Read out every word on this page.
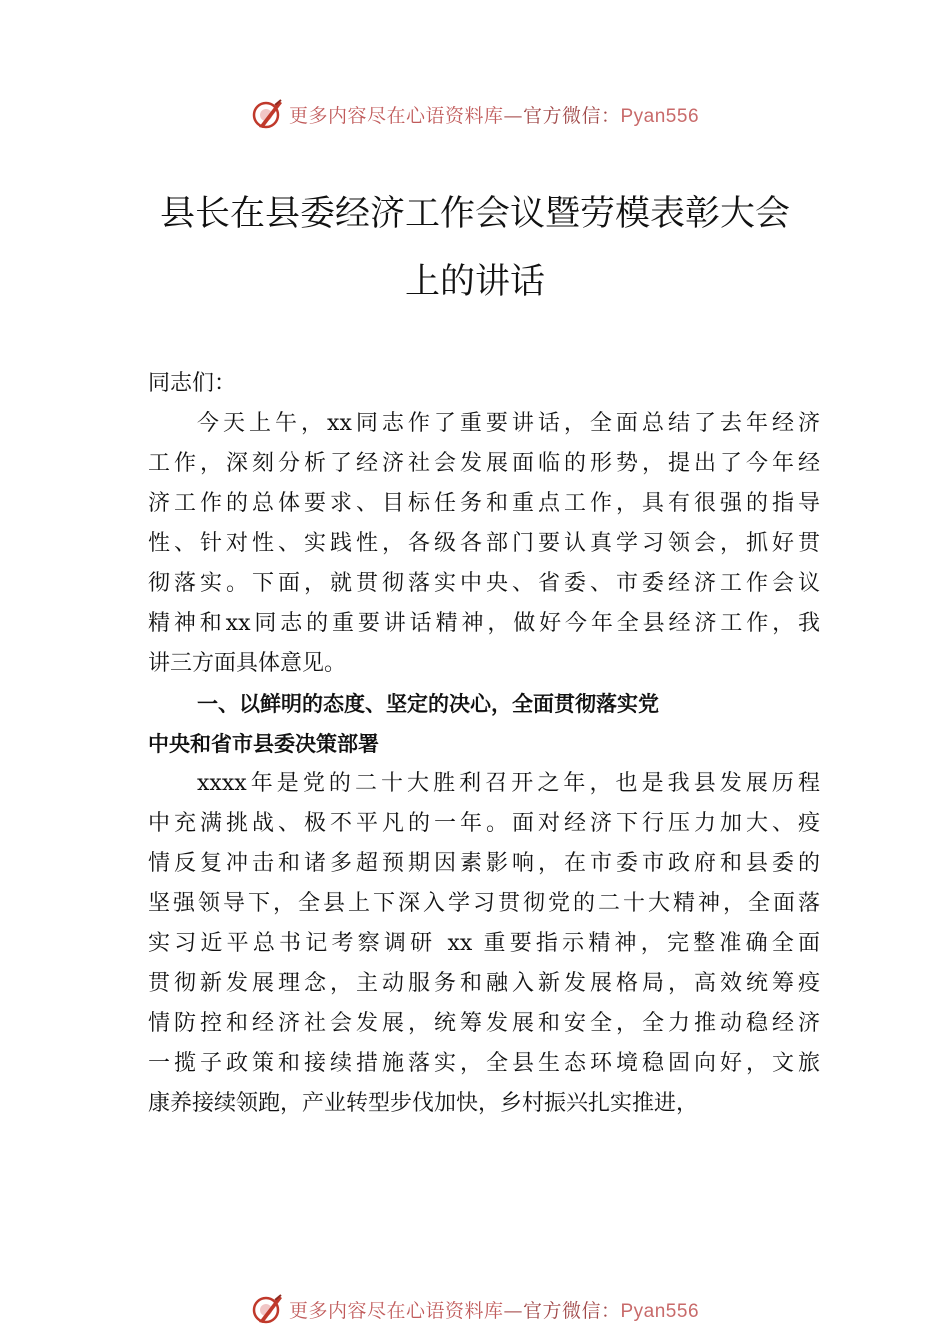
更多内容尽在心语资料库—官方微信：Pyan556
县长在县委经济工作会议暨劳模表彰大会
上的讲话
同志们：
今天上午，xx同志作了重要讲话，全面总结了去年经济
工作，深刻分析了经济社会发展面临的形势，提出了今年经
济工作的总体要求、目标任务和重点工作，具有很强的指导
性、针对性、实践性，各级各部门要认真学习领会，抓好贯
彻落实。下面，就贯彻落实中央、省委、市委经济工作会议
精神和xx同志的重要讲话精神，做好今年全县经济工作，我
讲三方面具体意见。
一、以鲜明的态度、坚定的决心，全面贯彻落实党
中央和省市县委决策部署
xxxx年是党的二十大胜利召开之年，也是我县发展历程
中充满挑战、极不平凡的一年。面对经济下行压力加大、疫
情反复冲击和诸多超预期因素影响，在市委市政府和县委的
坚强领导下，全县上下深入学习贯彻党的二十大精神，全面落
实习近平总书记考察调研 xx 重要指示精神，完整准确全面
贯彻新发展理念，主动服务和融入新发展格局，高效统筹疫
情防控和经济社会发展，统筹发展和安全，全力推动稳经济
一揽子政策和接续措施落实，全县生态环境稳固向好，文旅
康养接续领跑，产业转型步伐加快，乡村振兴扎实推进，
更多内容尽在心语资料库—官方微信：Pyan556
